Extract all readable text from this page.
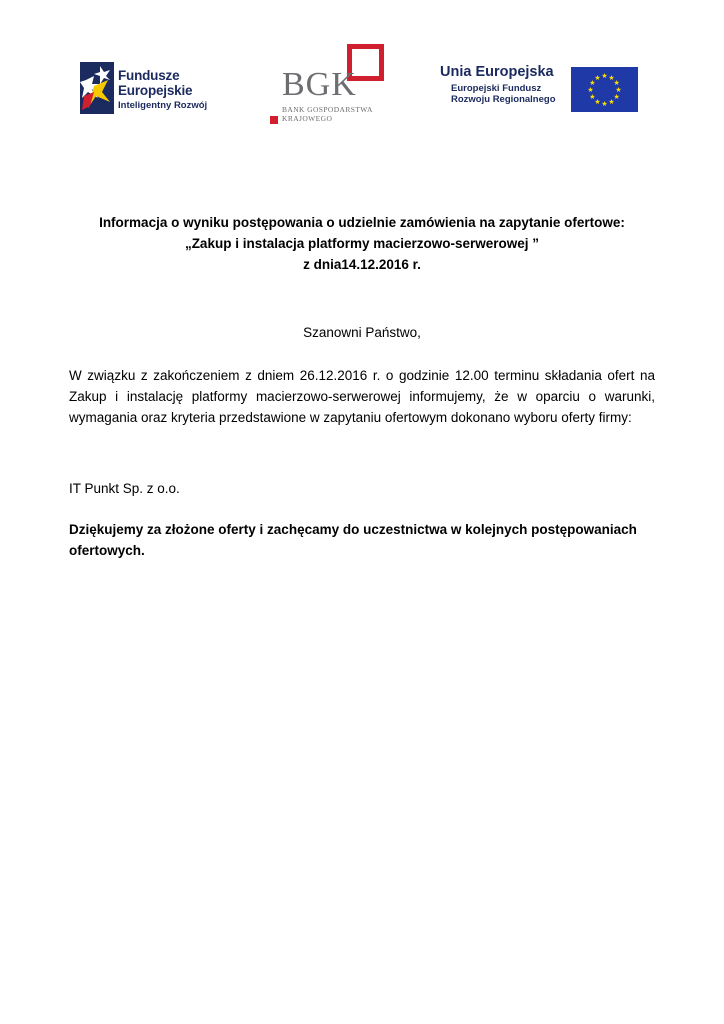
Fundusze
Europejskie
Inteligentny Rozwój
BGK
BANK GOSPODARSTWA
KRAJOWEGO
Unia Europejska
Europejski Fundusz
Rozwoju Regionalnego
★ ★
★
★
★
★
★
★
★
★
★
★
Informacja o wyniku postępowania o udzielnie zamówienia na zapytanie ofertowe:
„Zakup i instalacja platformy macierzowo-serwerowej ”
z dnia14.12.2016 r.
Szanowni Państwo,
W związku z zakończeniem z dniem 26.12.2016 r. o godzinie 12.00 terminu składania ofert na Zakup i instalację platformy macierzowo-serwerowej informujemy, że w oparciu o warunki, wymagania oraz kryteria przedstawione w zapytaniu ofertowym dokonano wyboru oferty firmy:
IT Punkt Sp. z o.o.
Dziękujemy za złożone oferty i zachęcamy do uczestnictwa w kolejnych postępowaniach ofertowych.
